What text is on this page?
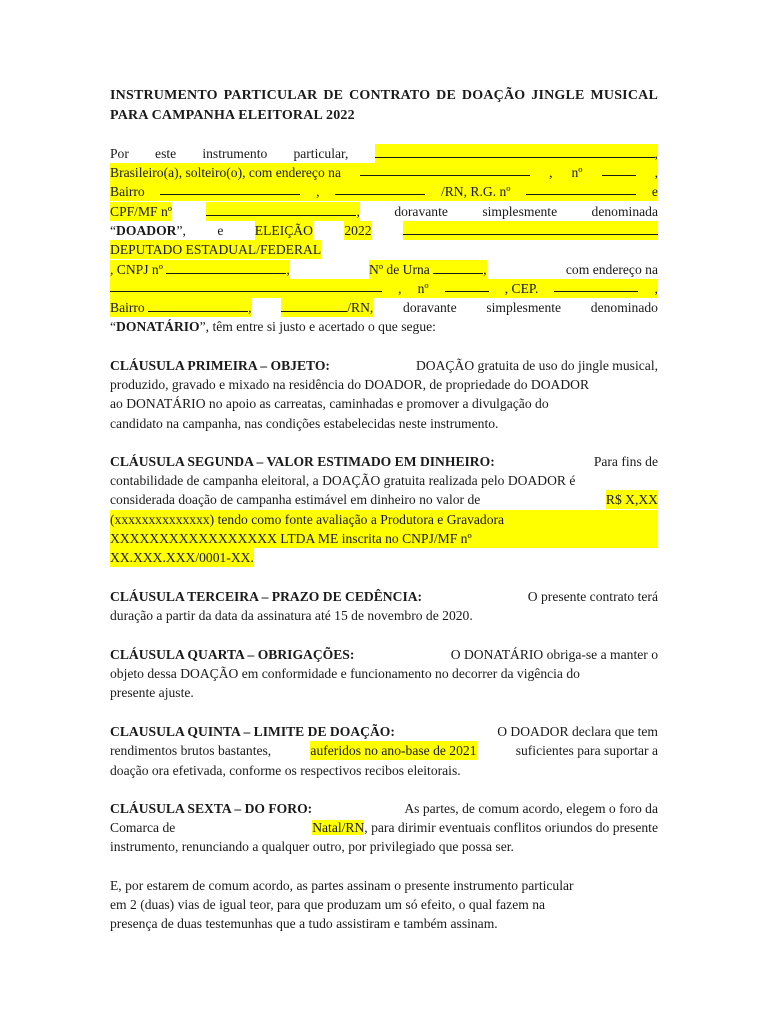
INSTRUMENTO PARTICULAR DE CONTRATO DE DOAÇÃO JINGLE MUSICAL PARA CAMPANHA ELEITORAL 2022
Por este instrumento particular,	,
Brasileiro(a), solteiro(o), com endereço na	, nº	,
Bairro	,	/RN, R.G. nº	e
CPF/MF nº	,	doravante	simplesmente	denominada
“DOADOR”, e ELEIÇÃO 2022
DEPUTADO ESTADUAL/FEDERAL
, CNPJ nº	,	Nº de Urna	,	com endereço na
, nº	, CEP.	,
Bairro	,	/RN, doravante simplesmente denominado
“DONATÁRIO”, têm entre si justo e acertado o que segue:
CLÁUSULA PRIMEIRA – OBJETO:	DOAÇÃO gratuita de uso do jingle musical,
produzido, gravado e mixado na residência do DOADOR, de propriedade do DOADOR
ao DONATÁRIO no apoio as carreatas, caminhadas e promover a divulgação do
candidato na campanha, nas condições estabelecidas neste instrumento.
CLÁUSULA SEGUNDA – VALOR ESTIMADO EM DINHEIRO:	Para fins de
contabilidade de campanha eleitoral, a DOAÇÃO gratuita realizada pelo DOADOR é
considerada doação de campanha estimável em dinheiro no valor de	R$ X,XX
(xxxxxxxxxxxxxx) tendo como fonte avaliação a Produtora e Gravadora
XXXXXXXXXXXXXXXXX LTDA ME inscrita no CNPJ/MF nº
XX.XXX.XXX/0001-XX.
CLÁUSULA TERCEIRA – PRAZO DE CEDÊNCIA:	O presente contrato terá
duração a partir da data da assinatura até 15 de novembro de 2020.
CLÁUSULA QUARTA – OBRIGAÇÕES:	O DONATÁRIO obriga-se a manter o
objeto dessa DOAÇÃO em conformidade e funcionamento no decorrer da vigência do
presente ajuste.
CLAUSULA QUINTA – LIMITE DE DOAÇÃO:	O DOADOR declara que tem
rendimentos brutos bastantes,	auferidos no ano-base de 2021	suficientes para suportar a
doação ora efetivada, conforme os respectivos recibos eleitorais.
CLÁUSULA SEXTA – DO FORO:	As partes, de comum acordo, elegem o foro da
Comarca de	Natal/RN, para dirimir eventuais conflitos oriundos do presente
instrumento, renunciando a qualquer outro, por privilegiado que possa ser.
E, por estarem de comum acordo, as partes assinam o presente instrumento particular
em 2 (duas) vias de igual teor, para que produzam um só efeito, o qual fazem na
presença de duas testemunhas que a tudo assistiram e também assinam.
